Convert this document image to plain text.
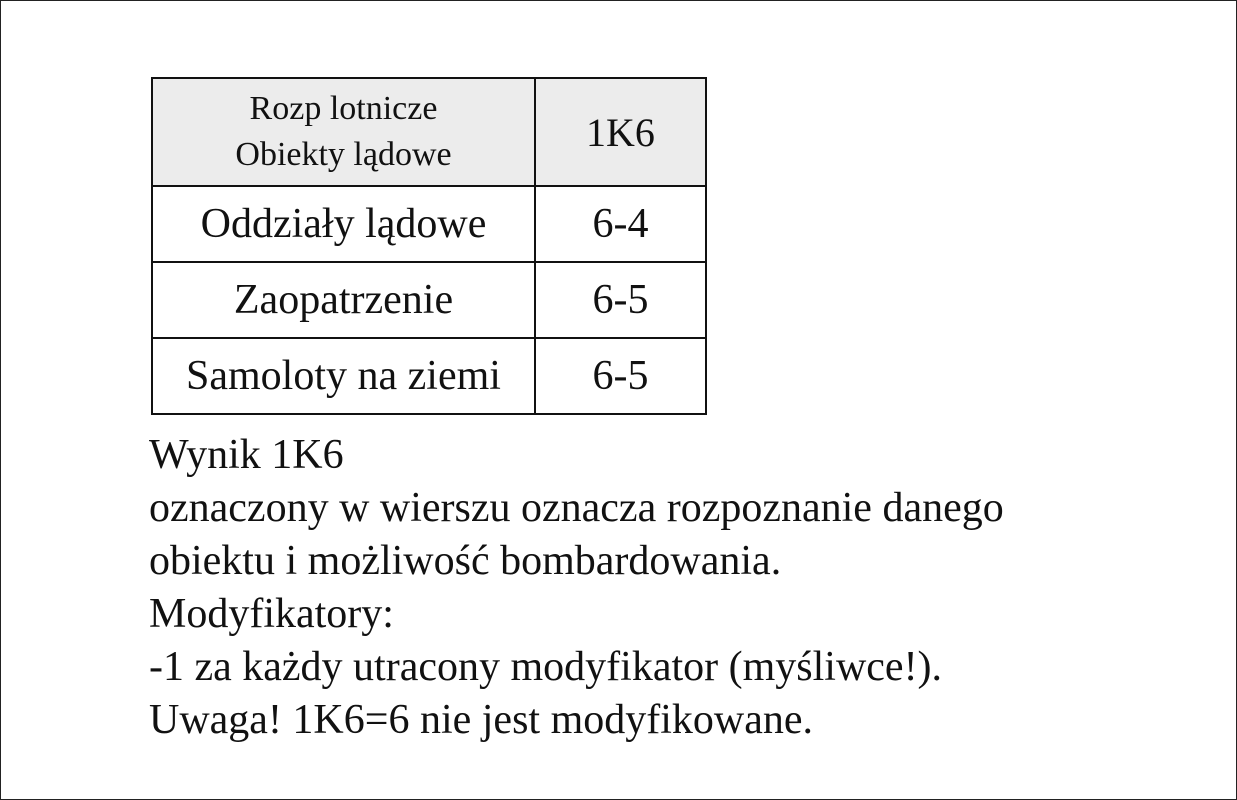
Rozp lotnicze
Obiekty lądowe	1K6
Oddziały lądowe	6-4
Zaopatrzenie	6-5
Samoloty na ziemi	6-5
Wynik 1K6
oznaczony w wierszu oznacza rozpoznanie danego
obiektu i możliwość bombardowania.
Modyfikatory:
-1 za każdy utracony modyfikator (myśliwce!).
Uwaga! 1K6=6 nie jest modyfikowane.
